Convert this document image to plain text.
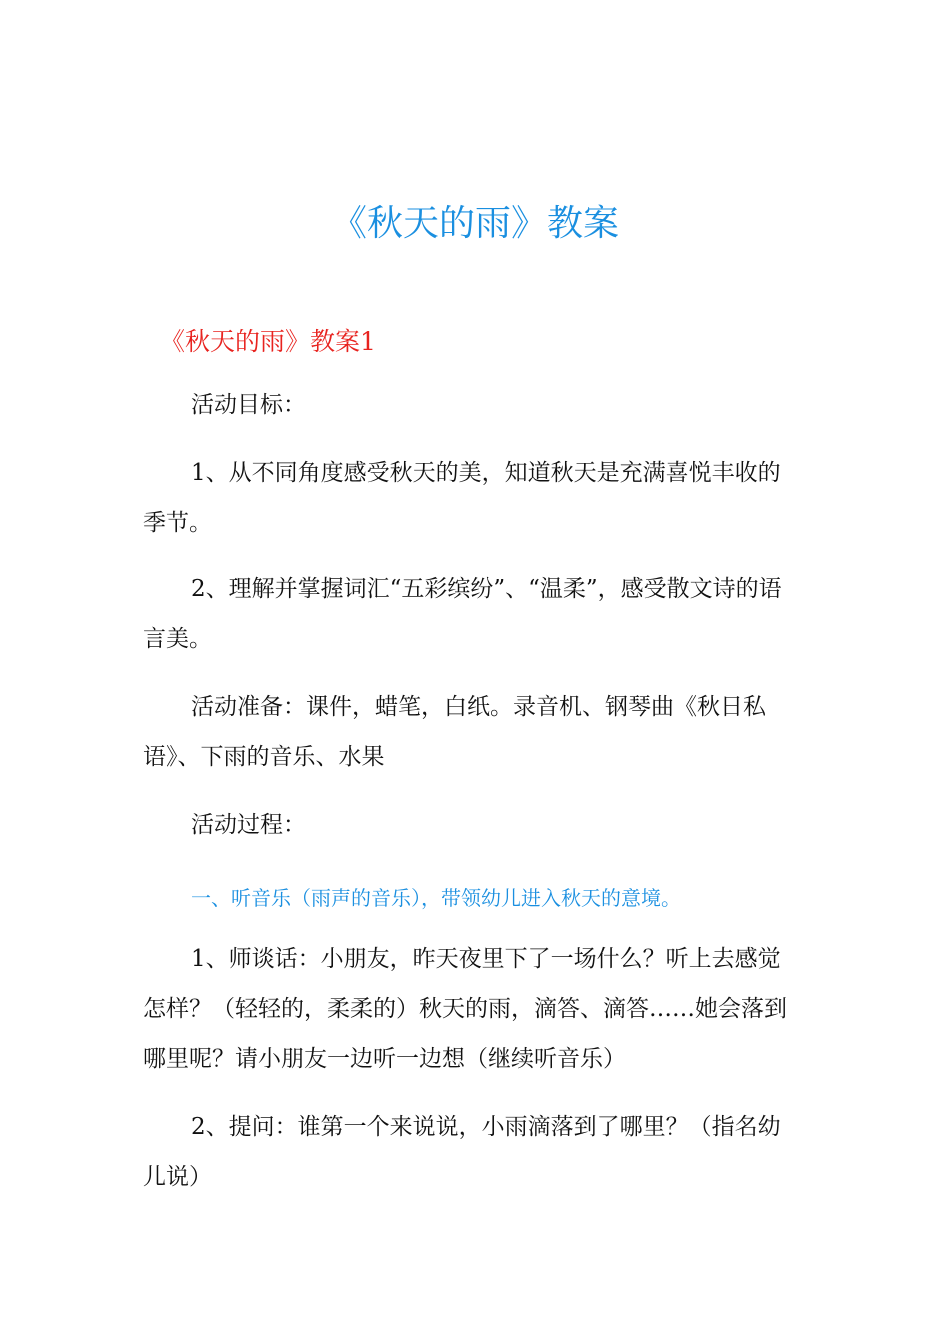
《秋天的雨》教案
《秋天的雨》教案1

活动目标：

1、从不同角度感受秋天的美，知道秋天是充满喜悦丰收的季节。

2、理解并掌握词汇“五彩缤纷”、“温柔”，感受散文诗的语言美。

活动准备：课件，蜡笔，白纸。录音机、钢琴曲《秋日私语》、下雨的音乐、水果

活动过程：

一、听音乐（雨声的音乐），带领幼儿进入秋天的意境。

1、师谈话：小朋友，昨天夜里下了一场什么？听上去感觉怎样？（轻轻的，柔柔的）秋天的雨，滴答、滴答……她会落到哪里呢？请小朋友一边听一边想（继续听音乐）

2、提问：谁第一个来说说，小雨滴落到了哪里？（指名幼儿说）
